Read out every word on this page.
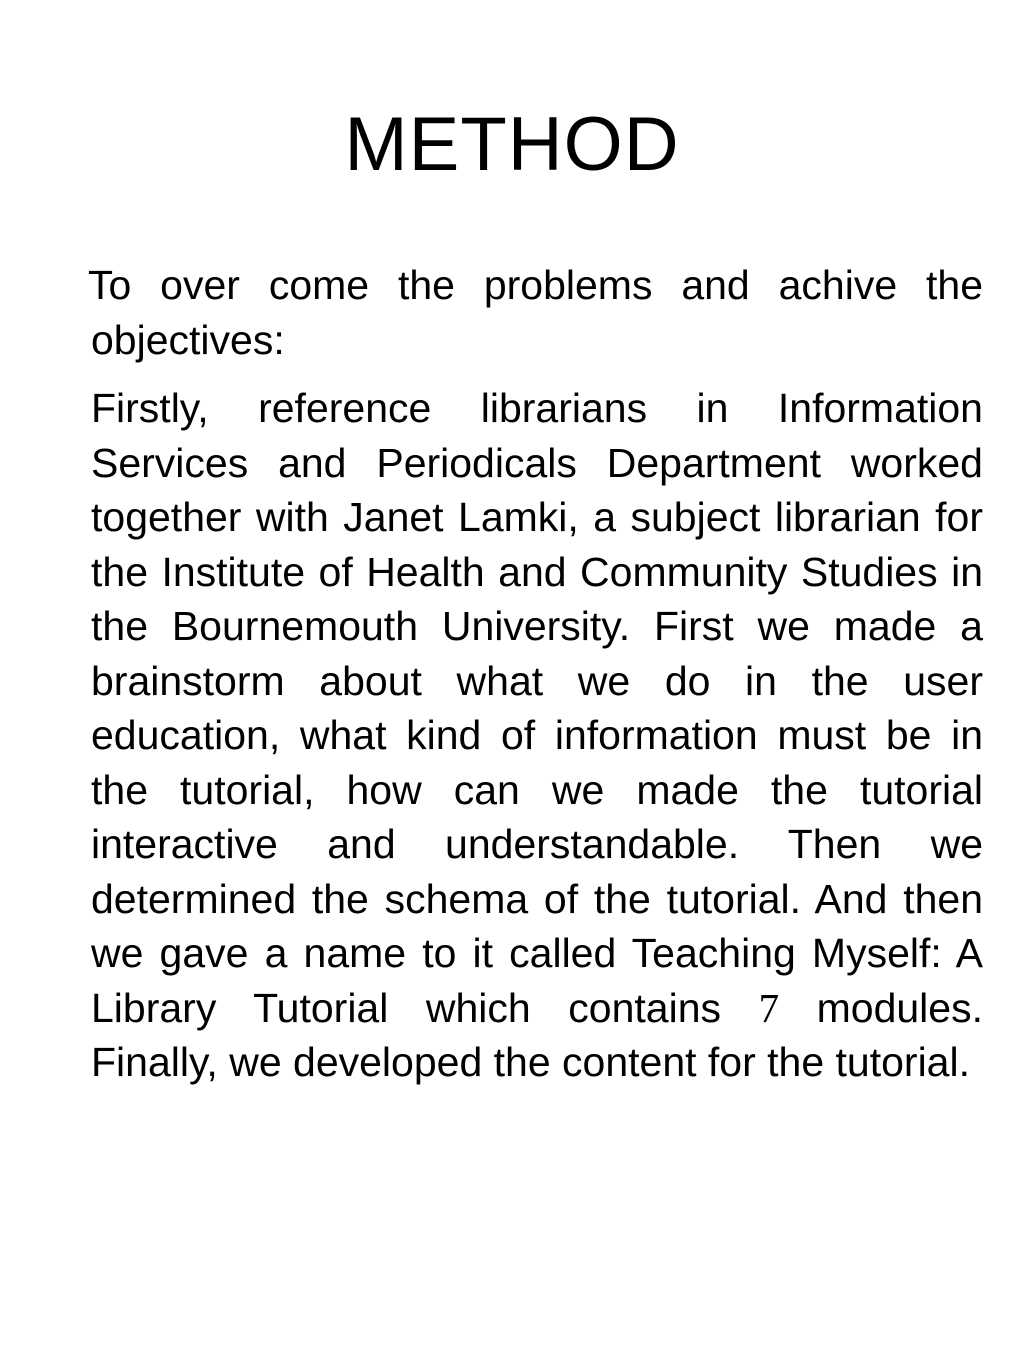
METHOD

To over come the problems and achive the objectives:

Firstly, reference librarians in Information Services and Periodicals Department worked together with Janet Lamki, a subject librarian for the Institute of Health and Community Studies in the Bournemouth University. First we made a brainstorm about what we do in the user education, what kind of information must be in the tutorial, how can we made the tutorial interactive and understandable. Then we determined the schema of the tutorial. And then we gave a name to it called Teaching Myself: A Library Tutorial which contains 7 modules. Finally, we developed the content for the tutorial.
